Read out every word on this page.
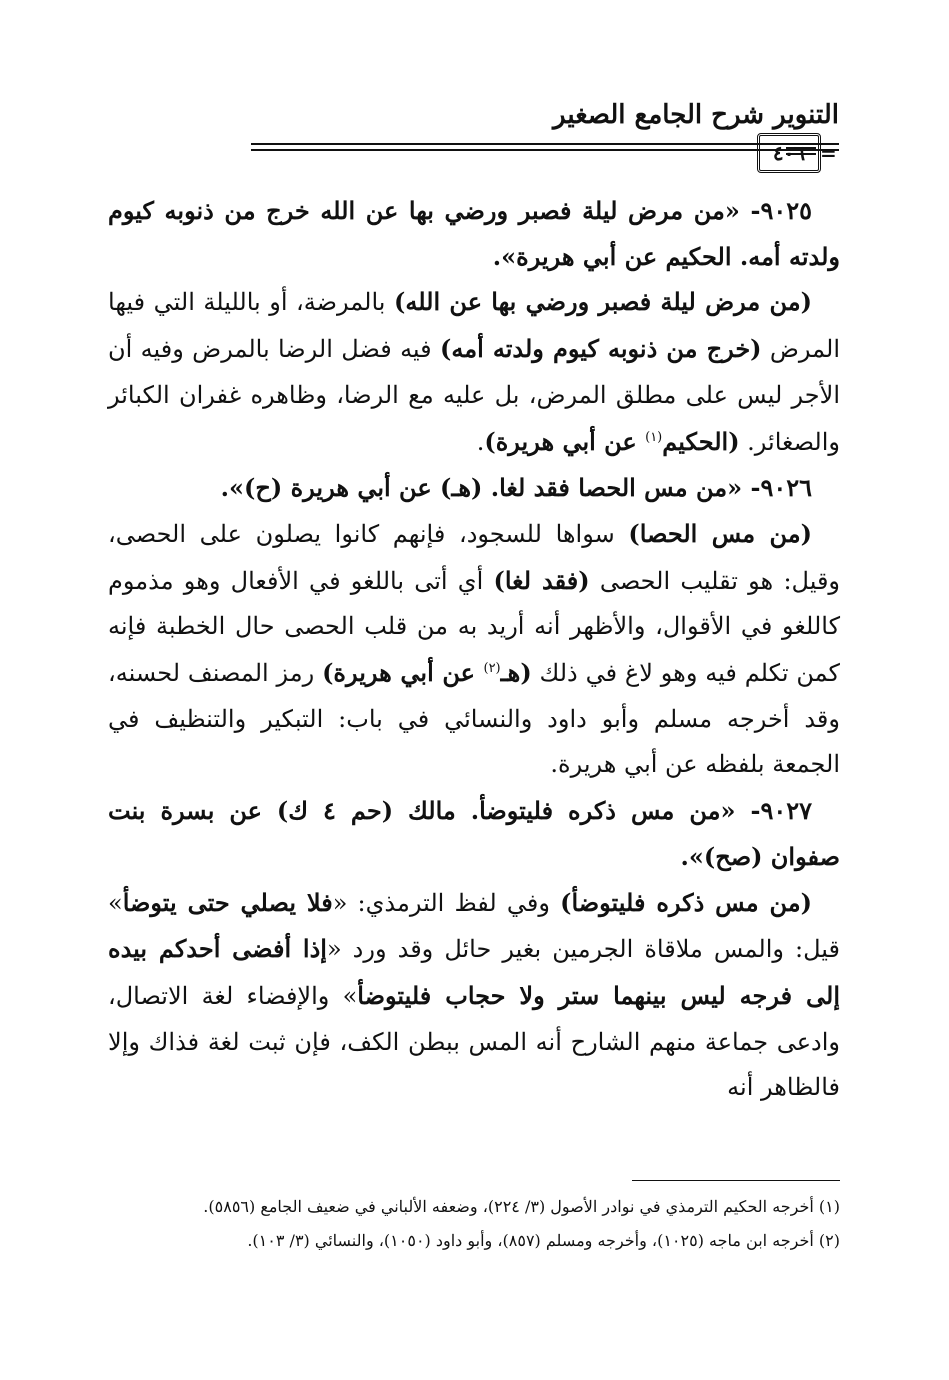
التنوير شرح الجامع الصغير
٤٠٦ =

٩٠٢٥- «من مرض ليلة فصبر ورضي بها عن الله خرج من ذنوبه كيوم ولدته أمه. الحكيم عن أبي هريرة».

(من مرض ليلة فصبر ورضي بها عن الله) بالمرضة، أو بالليلة التي فيها المرض (خرج من ذنوبه كيوم ولدته أمه) فيه فضل الرضا بالمرض وفيه أن الأجر ليس على مطلق المرض، بل عليه مع الرضا، وظاهره غفران الكبائر والصغائر. (الحكيم$^{(١)}$ عن أبي هريرة).

٩٠٢٦- «من مس الحصا فقد لغا. (هـ) عن أبي هريرة (ح)».

(من مس الحصا) سواها للسجود، فإنهم كانوا يصلون على الحصى، وقيل: هو تقليب الحصى (فقد لغا) أي أتى باللغو في الأفعال وهو مذموم كاللغو في الأقوال، والأظهر أنه أريد به من قلب الحصى حال الخطبة فإنه كمن تكلم فيه وهو لاغ في ذلك (هـ$^{(٢)}$ عن أبي هريرة) رمز المصنف لحسنه، وقد أخرجه مسلم وأبو داود والنسائي في باب: التبكير والتنظيف في الجمعة بلفظه عن أبي هريرة.

٩٠٢٧- «من مس ذكره فليتوضأ. مالك (حم ٤ ك) عن بسرة بنت صفوان (صح)».

(من مس ذكره فليتوضأ) وفي لفظ الترمذي: «فلا يصلي حتى يتوضأ» قيل: والمس ملاقاة الجرمين بغير حائل وقد ورد «إذا أفضى أحدكم بيده إلى فرجه ليس بينهما ستر ولا حجاب فليتوضأ» والإفضاء لغة الاتصال، وادعى جماعة منهم الشارح أنه المس ببطن الكف، فإن ثبت لغة فذاك وإلا فالظاهر أنه

(١) أخرجه الحكيم الترمذي في نوادر الأصول (٣/ ٢٢٤)، وضعفه الألباني في ضعيف الجامع (٥٨٥٦).

(٢) أخرجه ابن ماجه (١٠٢٥)، وأخرجه ومسلم (٨٥٧)، وأبو داود (١٠٥٠)، والنسائي (٣/ ١٠٣).
